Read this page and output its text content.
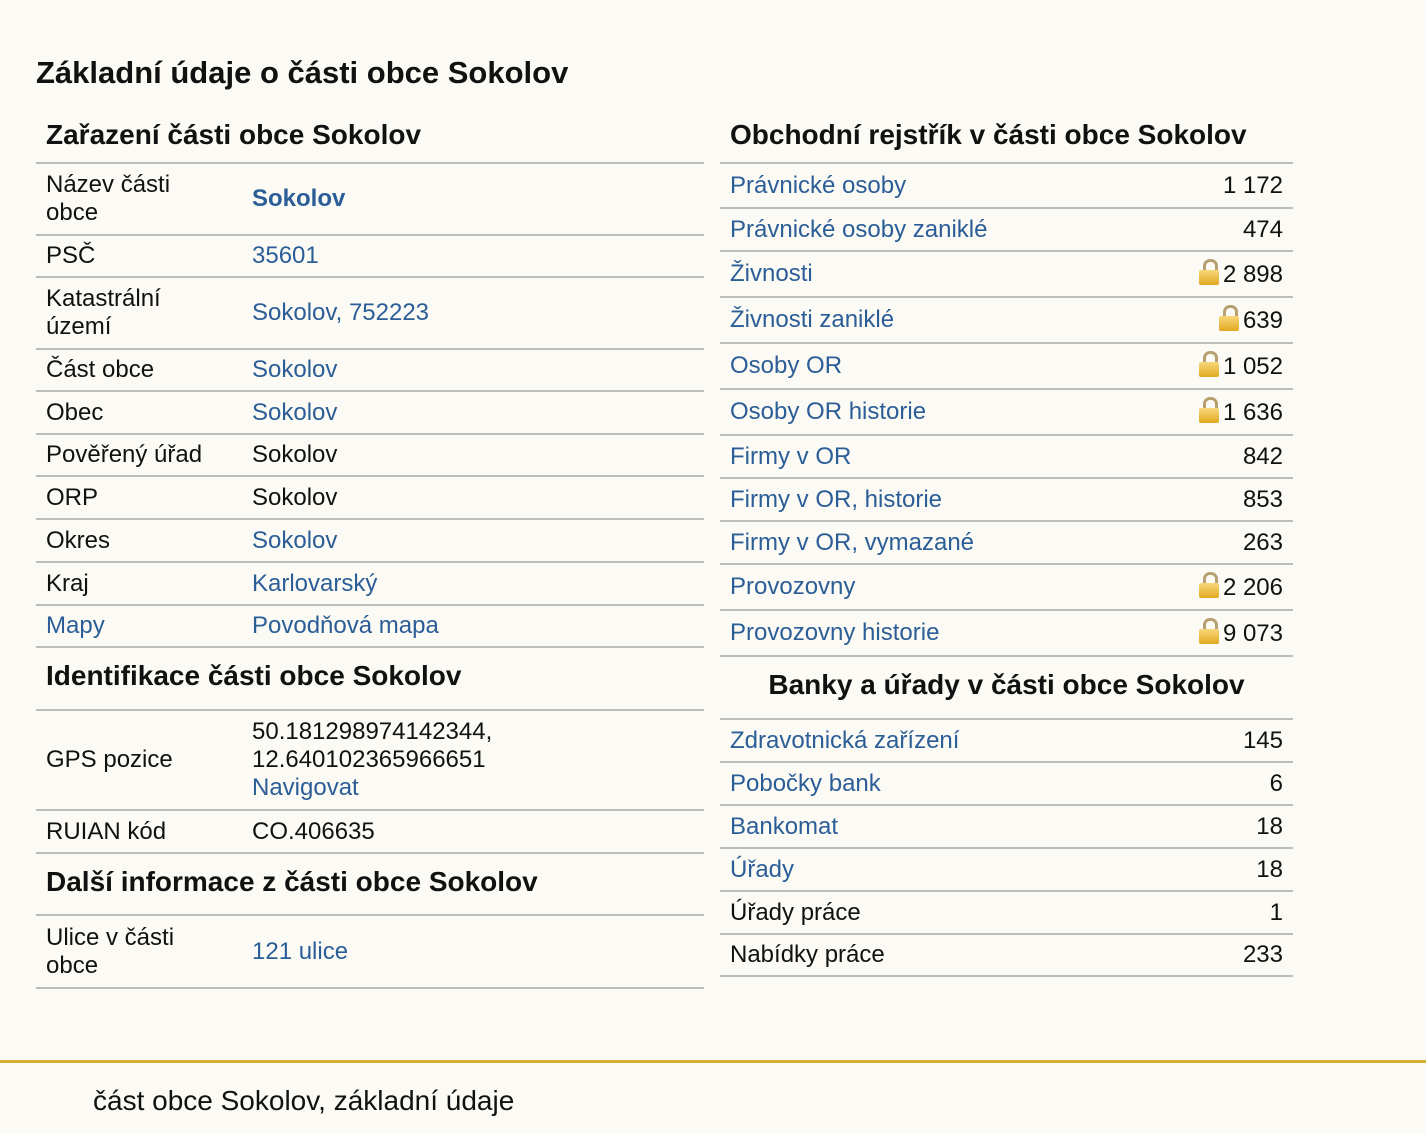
Základní údaje o části obce Sokolov
Zařazení části obce Sokolov
Název části obce	Sokolov
PSČ	35601
Katastrální území	Sokolov, 752223
Část obce	Sokolov
Obec	Sokolov
Pověřený úřad	Sokolov
ORP	Sokolov
Okres	Sokolov
Kraj	Karlovarský
Mapy	Povodňová mapa
Identifikace části obce Sokolov
GPS pozice	50.181298974142344,
12.640102365966651
Navigovat
RUIAN kód	CO.406635
Další informace z části obce Sokolov
Ulice v části obce	121 ulice
Obchodní rejstřík v části obce Sokolov
Právnické osoby	1 172
Právnické osoby zaniklé	474
Živnosti	2 898
Živnosti zaniklé	639
Osoby OR	1 052
Osoby OR historie	1 636
Firmy v OR	842
Firmy v OR, historie	853
Firmy v OR, vymazané	263
Provozovny	2 206
Provozovny historie	9 073
Banky a úřady v části obce Sokolov
Zdravotnická zařízení	145
Pobočky bank	6
Bankomat	18
Úřady	18
Úřady práce	1
Nabídky práce	233
část obce Sokolov, základní údaje
